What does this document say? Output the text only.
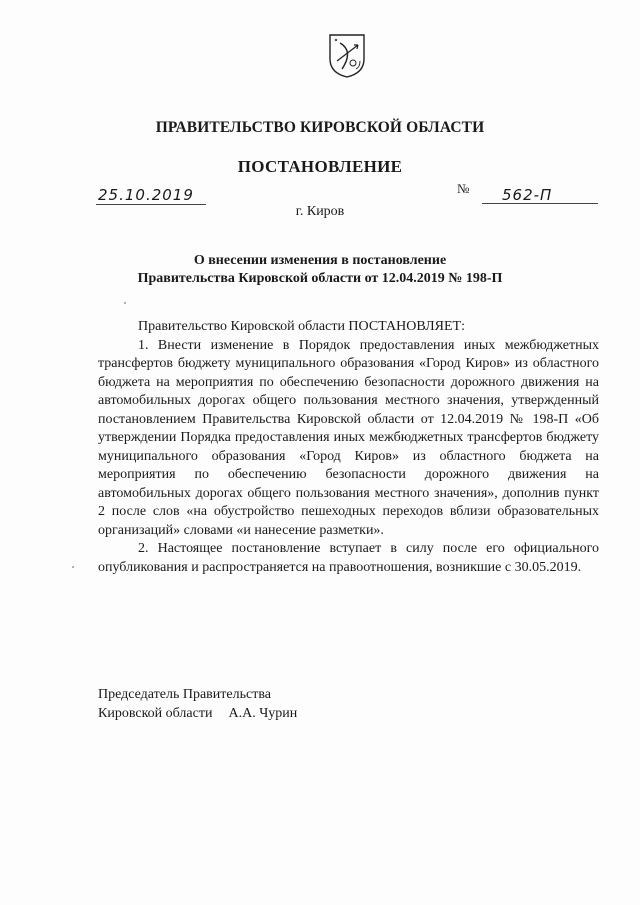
ПРАВИТЕЛЬСТВО КИРОВСКОЙ ОБЛАСТИ
ПОСТАНОВЛЕНИЕ
25.10.2019	№	562-П
г. Киров
О внесении изменения в постановление
Правительства Кировской области от 12.04.2019 № 198-П

Правительство Кировской области ПОСТАНОВЛЯЕТ:

1. Внести изменение в Порядок предоставления иных межбюджетных трансфертов бюджету муниципального образования «Город Киров» из областного бюджета на мероприятия по обеспечению безопасности дорожного движения на автомобильных дорогах общего пользования местного значения, утвержденный постановлением Правительства Кировской области от 12.04.2019 № 198-П «Об утверждении Порядка предоставления иных межбюджетных трансфертов бюджету муниципального образования «Город Киров» из областного бюджета на мероприятия по обеспечению безопасности дорожного движения на автомобильных дорогах общего пользования местного значения», дополнив пункт 2 после слов «на обустройство пешеходных переходов вблизи образовательных организаций» словами «и нанесение разметки».

2. Настоящее постановление вступает в силу после его официального опубликования и распространяется на правоотношения, возникшие с 30.05.2019.

Председатель Правительства
Кировской области А.А. Чурин
